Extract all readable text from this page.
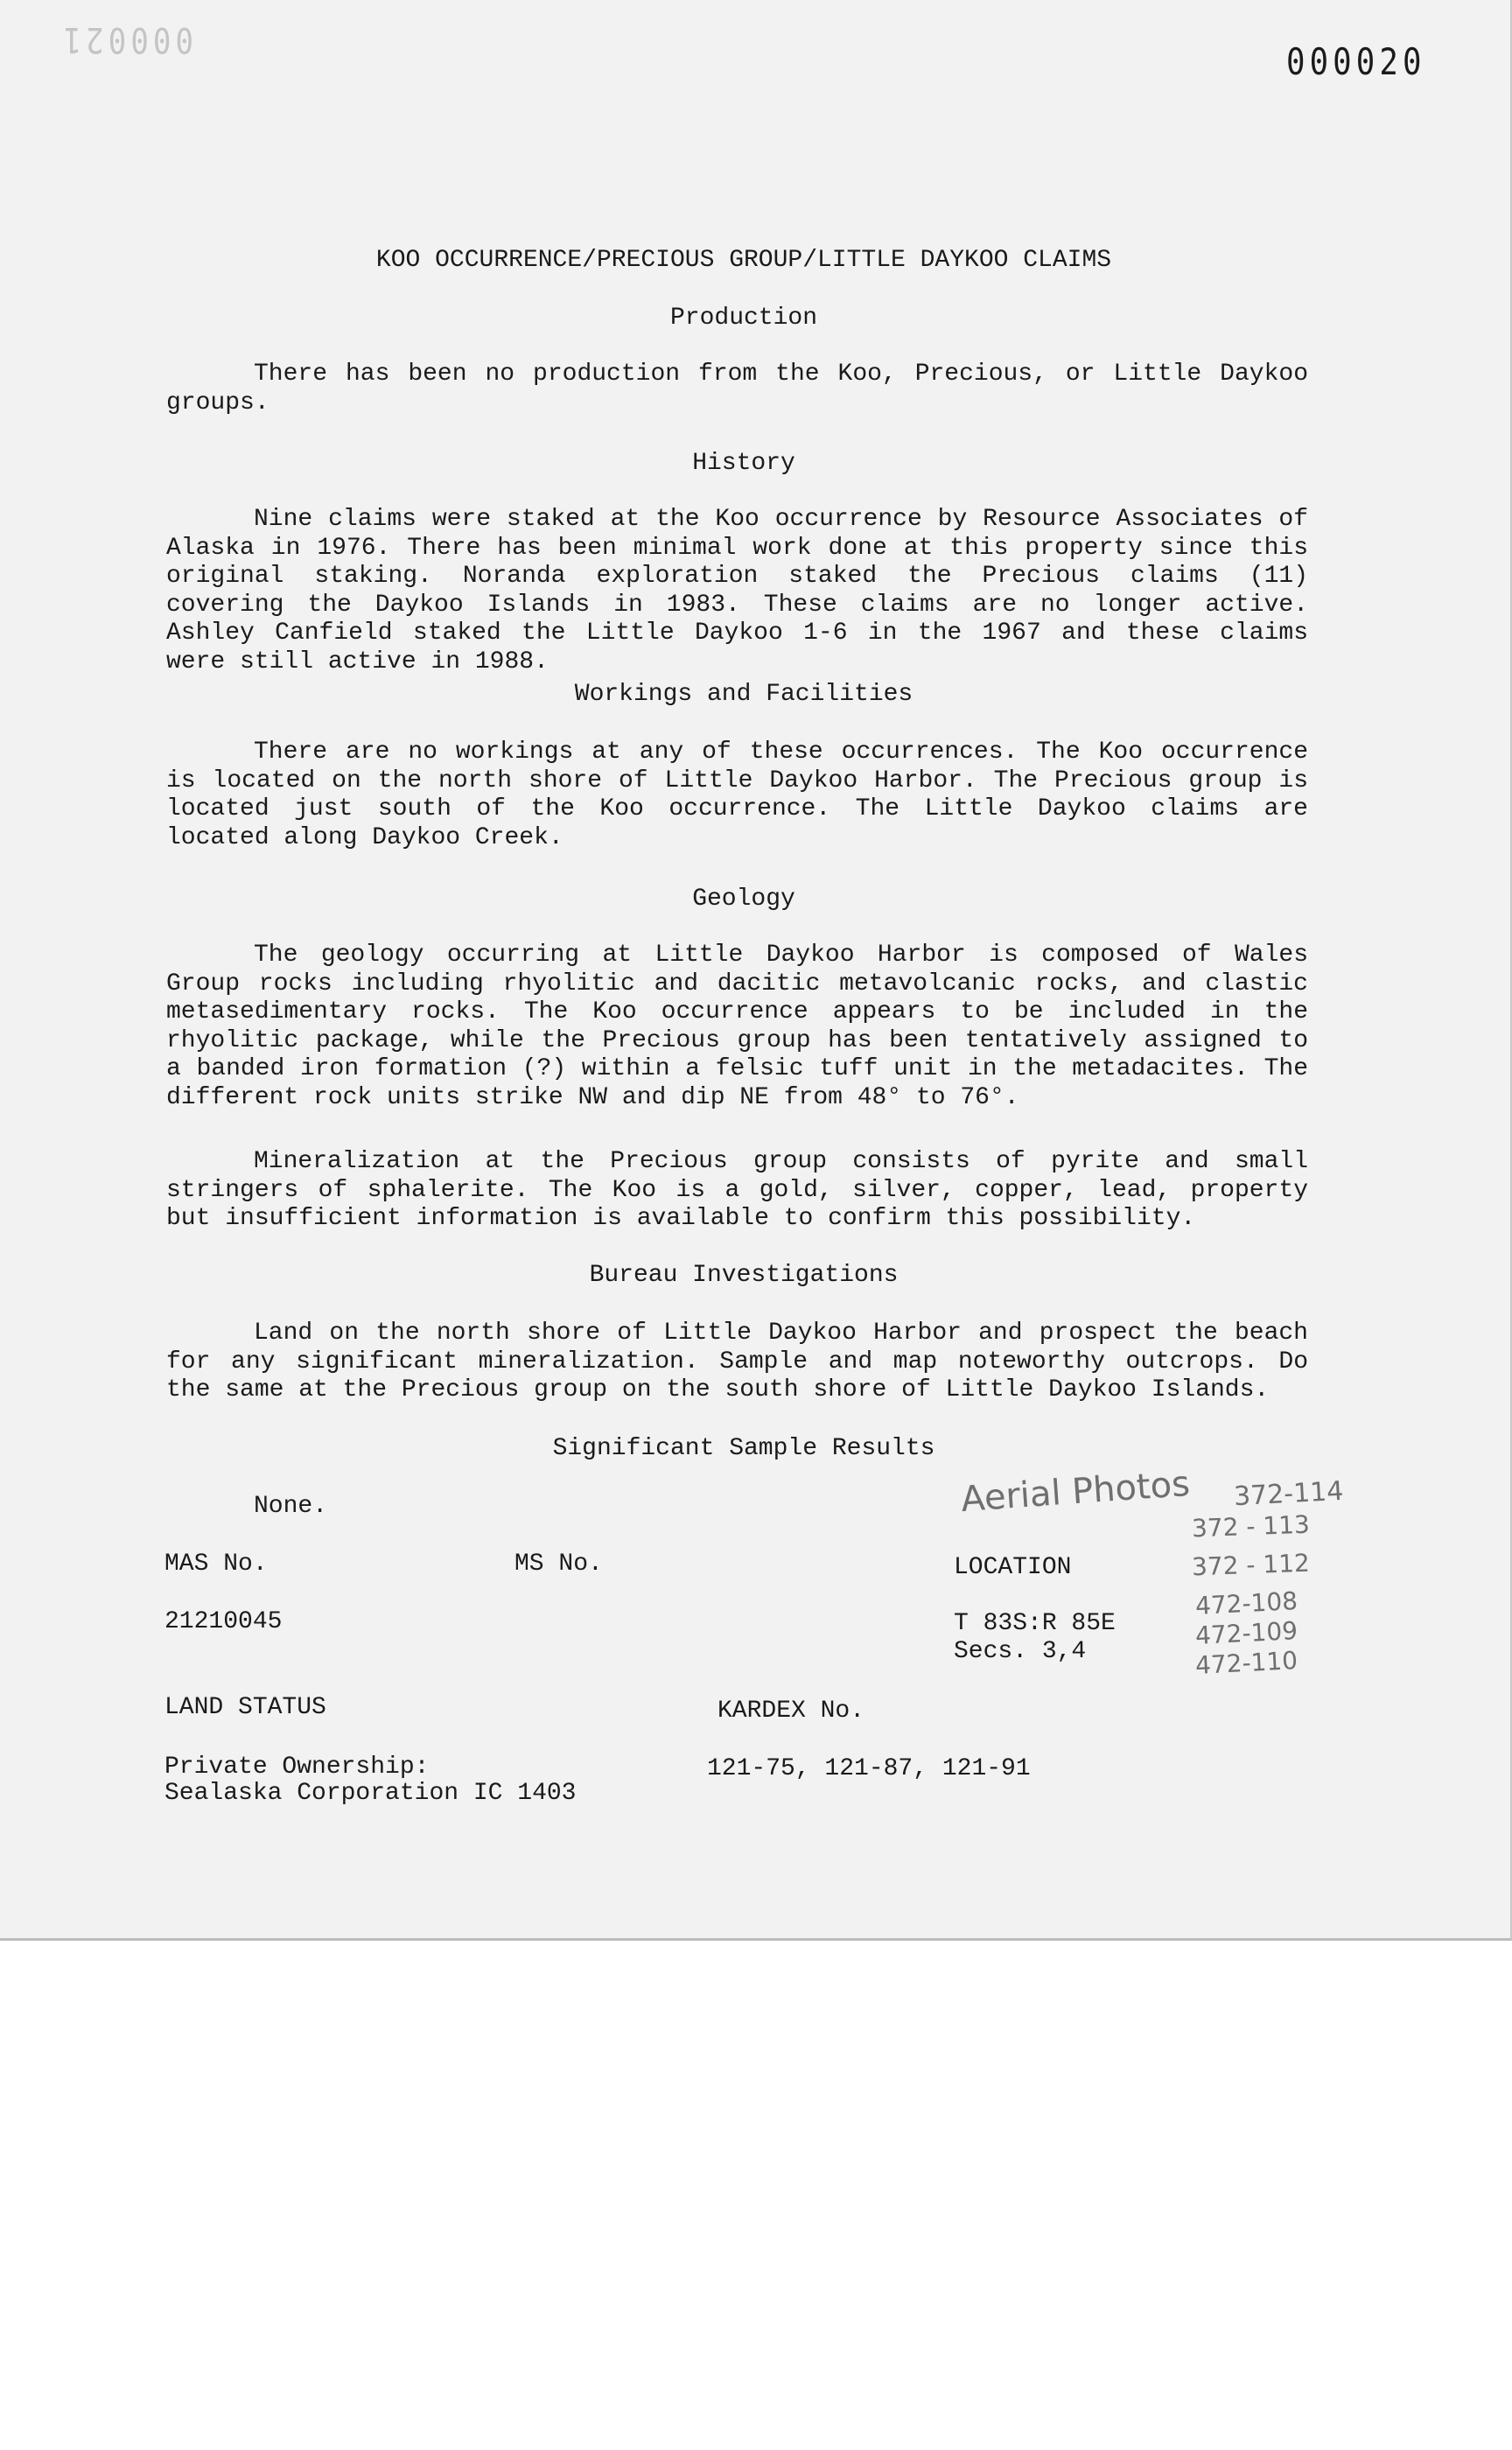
000021
000020
KOO OCCURRENCE/PRECIOUS GROUP/LITTLE DAYKOO CLAIMS
Production

There has been no production from the Koo, Precious, or Little Daykoo groups.

History

Nine claims were staked at the Koo occurrence by Resource Associates of Alaska in 1976. There has been minimal work done at this property since this original staking. Noranda exploration staked the Precious claims (11) covering the Daykoo Islands in 1983. These claims are no longer active. Ashley Canfield staked the Little Daykoo 1-6 in the 1967 and these claims were still active in 1988.

Workings and Facilities

There are no workings at any of these occurrences. The Koo occurrence is located on the north shore of Little Daykoo Harbor. The Precious group is located just south of the Koo occurrence. The Little Daykoo claims are located along Daykoo Creek.

Geology

The geology occurring at Little Daykoo Harbor is composed of Wales Group rocks including rhyolitic and dacitic metavolcanic rocks, and clastic metasedimentary rocks. The Koo occurrence appears to be included in the rhyolitic package, while the Precious group has been tentatively assigned to a banded iron formation (?) within a felsic tuff unit in the metadacites. The different rock units strike NW and dip NE from 48° to 76°.

Mineralization at the Precious group consists of pyrite and small stringers of sphalerite. The Koo is a gold, silver, copper, lead, property but insufficient information is available to confirm this possibility.

Bureau Investigations

Land on the north shore of Little Daykoo Harbor and prospect the beach for any significant mineralization. Sample and map noteworthy outcrops. Do the same at the Precious group on the south shore of Little Daykoo Islands.

Significant Sample Results
None.
MAS No.
21210045
MS No.	LOCATION
T 83S:R 85E
Secs. 3,4
LAND STATUS
Private Ownership:
Sealaska Corporation IC 1403
KARDEX No.
121-75, 121-87, 121-91
Aerial Photos 372-114
372 - 113
372 - 112
472-108
472-109
472-110
